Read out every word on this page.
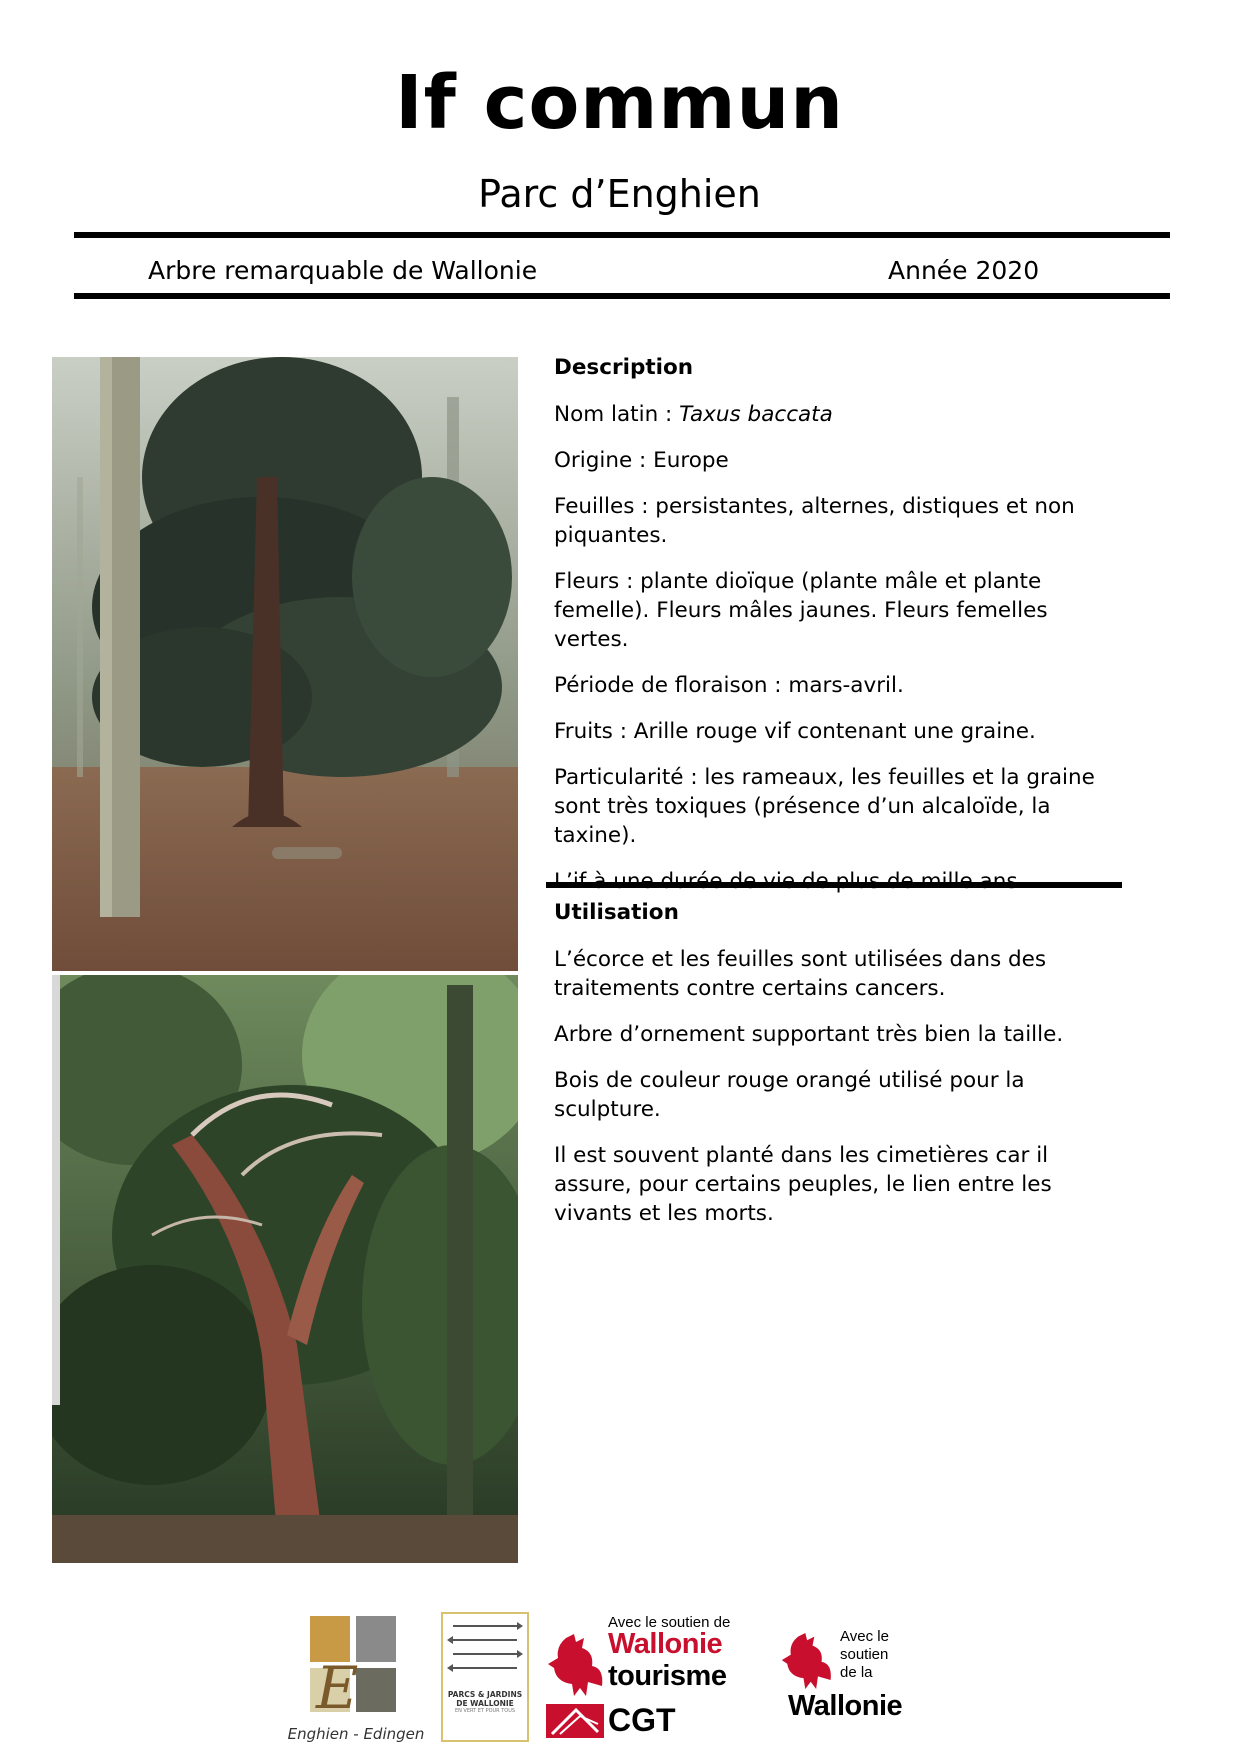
If commun
Parc d’Enghien
Arbre remarquable de Wallonie	Année 2020

Description

Nom latin : Taxus baccata

Origine : Europe

Feuilles : persistantes, alternes, distiques et non piquantes.

Fleurs : plante dioïque (plante mâle et plante femelle). Fleurs mâles jaunes. Fleurs femelles vertes.

Période de floraison : mars-avril.

Fruits : Arille rouge vif contenant une graine.

Particularité : les rameaux, les feuilles et la graine sont très toxiques (présence d’un alcaloïde, la taxine).

Utilisation

L’écorce et les feuilles sont utilisées dans des traitements contre certains cancers.

Arbre d’ornement supportant très bien la taille.

Bois de couleur rouge orangé utilisé pour la sculpture.

Il est souvent planté dans les cimetières car il assure, pour certains peuples, le lien entre les vivants et les morts.

E
Enghien - Edingen
PARCS & JARDINS
DE WALLONIE
EN VERT ET POUR TOUS
Avec le soutien de
Wallonie
tourisme
CGT
Avec le
soutien
de la
Wallonie
